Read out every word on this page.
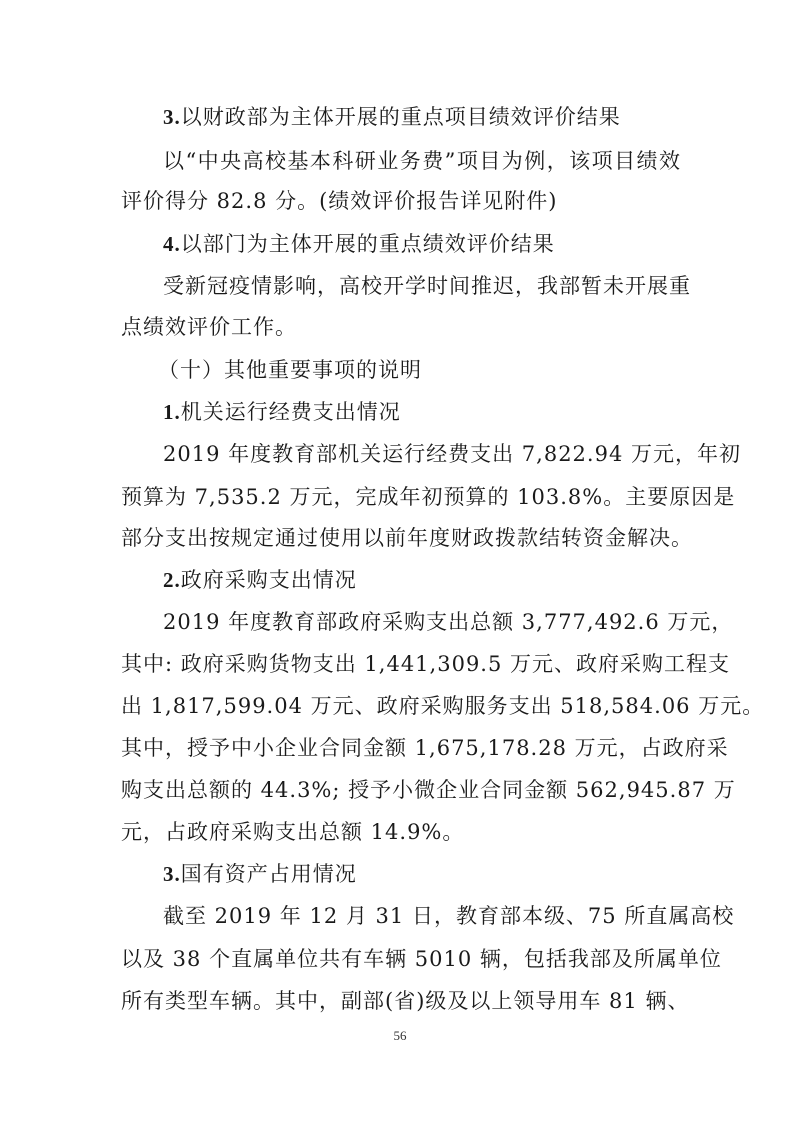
3.以财政部为主体开展的重点项目绩效评价结果
以“中央高校基本科研业务费”项目为例，该项目绩效
评价得分 82.8 分。(绩效评价报告详见附件)
4.以部门为主体开展的重点绩效评价结果
受新冠疫情影响，高校开学时间推迟，我部暂未开展重
点绩效评价工作。
（十）其他重要事项的说明
1.机关运行经费支出情况
2019 年度教育部机关运行经费支出 7,822.94 万元，年初
预算为 7,535.2 万元，完成年初预算的 103.8%。主要原因是
部分支出按规定通过使用以前年度财政拨款结转资金解决。
2.政府采购支出情况
2019 年度教育部政府采购支出总额 3,777,492.6 万元，
其中: 政府采购货物支出 1,441,309.5 万元、政府采购工程支
出 1,817,599.04 万元、政府采购服务支出 518,584.06 万元。
其中，授予中小企业合同金额 1,675,178.28 万元，占政府采
购支出总额的 44.3%; 授予小微企业合同金额 562,945.87 万
元，占政府采购支出总额 14.9%。
3.国有资产占用情况
截至 2019 年 12 月 31 日，教育部本级、75 所直属高校
以及 38 个直属单位共有车辆 5010 辆，包括我部及所属单位
所有类型车辆。其中，副部(省)级及以上领导用车 81 辆、
56
